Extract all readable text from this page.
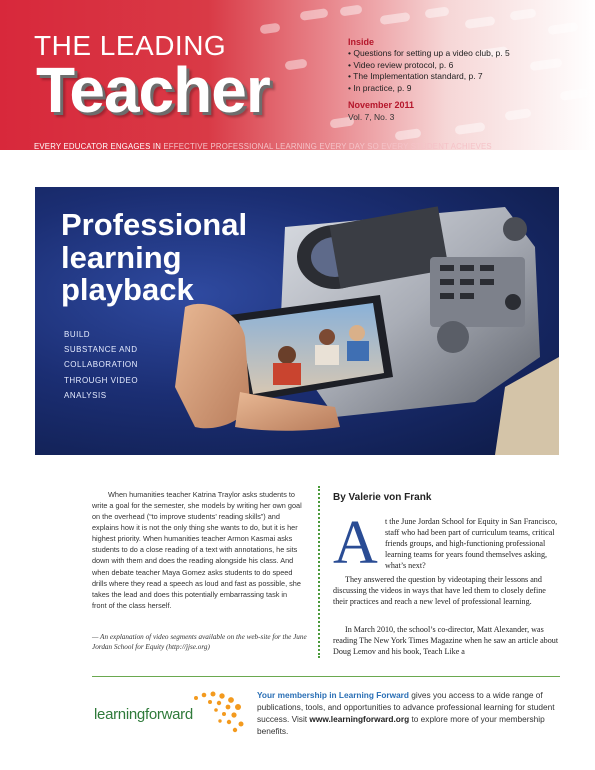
THE LEADING
Teacher
Inside
• Questions for setting up a video club, p. 5
• Video review protocol, p. 6
• The Implementation standard, p. 7
• In practice, p. 9
November 2011
Vol. 7, No. 3
EVERY EDUCATOR ENGAGES IN EFFECTIVE PROFESSIONAL LEARNING EVERY DAY SO EVERY STUDENT ACHIEVES
Professional learning playback
BUILD
SUBSTANCE AND
COLLABORATION
THROUGH VIDEO
ANALYSIS
When humanities teacher Katrina Traylor asks students to write a goal for the semester, she models by writing her own goal on the overhead (“to improve students’ reading skills”) and explains how it is not the only thing she wants to do, but it is her highest priority. When humanities teacher Armon Kasmai asks students to do a close reading of a text with annotations, he sits down with them and does the reading alongside his class. And when debate teacher Maya Gomez asks students to do speed drills where they read a speech as loud and fast as possible, she takes the lead and does this potentially embarrassing task in front of the class herself.
— An explanation of video segments available on the web-site for the June Jordan School for Equity (http://jjse.org)
By Valerie von Frank
A t the June Jordan School for Equity in San Francisco, staff who had been part of curriculum teams, critical friends groups, and high-functioning professional learning teams for years found themselves asking, what’s next?
They answered the question by videotaping their lessons and discussing the videos in ways that have led them to closely define their practices and reach a new level of professional learning.
In March 2010, the school’s co-director, Matt Alexander, was reading The New York Times Magazine when he saw an article about Doug Lemov and his book, Teach Like a
learningforward
Your membership in Learning Forward gives you access to a wide range of publications, tools, and opportunities to advance professional learning for student success. Visit www.learningforward.org to explore more of your membership benefits.
